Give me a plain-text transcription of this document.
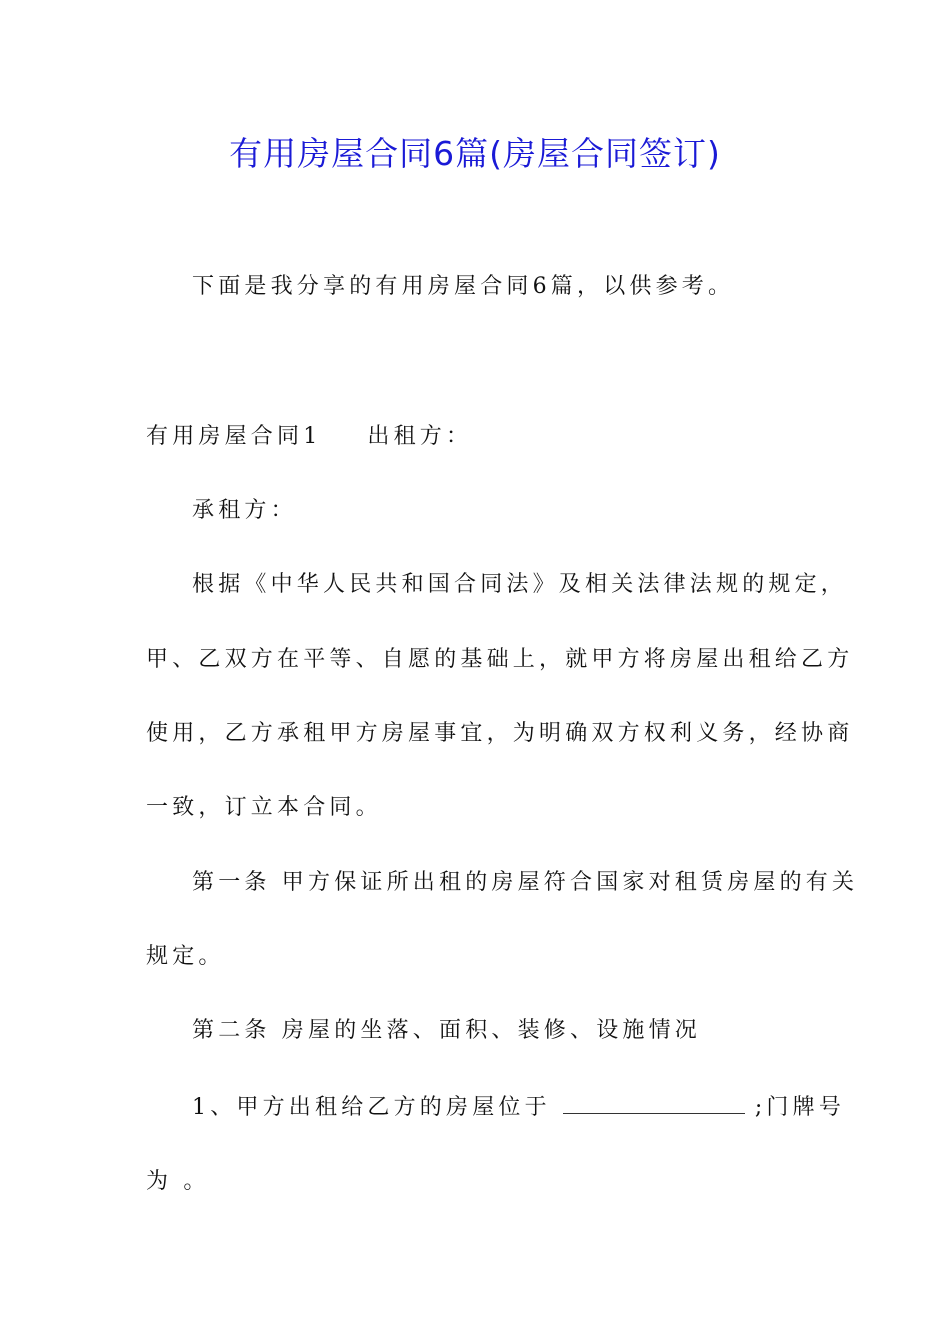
有用房屋合同6篇(房屋合同签订)
下面是我分享的有用房屋合同6篇，以供参考。
有用房屋合同1 出租方：
承租方：
根据《中华人民共和国合同法》及相关法律法规的规定，
甲、乙双方在平等、自愿的基础上，就甲方将房屋出租给乙方
使用，乙方承租甲方房屋事宜，为明确双方权利义务，经协商
一致，订立本合同。
第一条 甲方保证所出租的房屋符合国家对租赁房屋的有关
规定。
第二条 房屋的坐落、面积、装修、设施情况
1、甲方出租给乙方的房屋位于	;门牌号
为 。
